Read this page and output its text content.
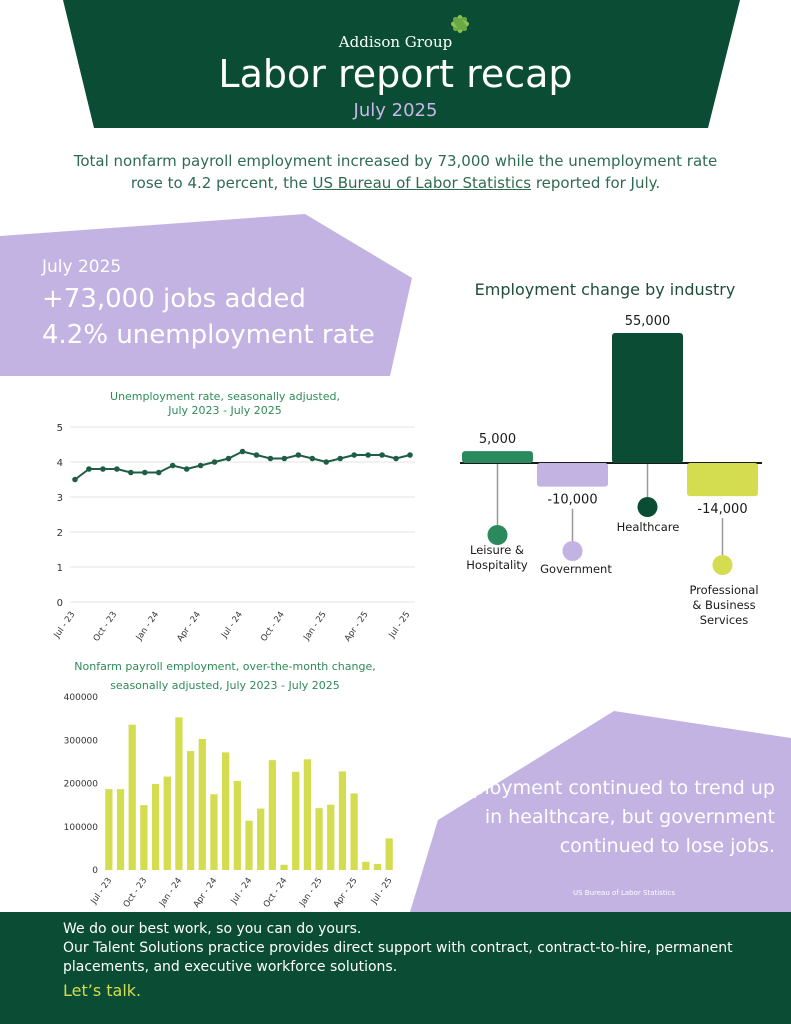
Addison Group
Labor report recap
July 2025
Total nonfarm payroll employment increased by 73,000 while the unemployment rate rose to 4.2 percent, the US Bureau of Labor Statistics reported for July.
July 2025
+73,000 jobs added
4.2% unemployment rate
Unemployment rate, seasonally adjusted,
July 2023 - July 2025
0
1
2
3
4
5
Jul - 23 Oct - 23 Jan - 24 Apr - 24 Jul - 24 Oct - 24 Jan - 25 Apr - 25 Jul - 25
Nonfarm payroll employment, over-the-month change,
seasonally adjusted, July 2023 - July 2025
0
100000
200000
300000
400000
Jul - 23 Oct - 23 Jan - 24 Apr - 24 Jul - 24 Oct - 24 Jan - 25 Apr - 25 Jul - 25
Employment change by industry
5,000
-10,000
55,000
-14,000
Leisure &
Hospitality Government
Healthcare
Professional
& Business
Services
Employment continued to trend up in healthcare, but government continued to lose jobs.
US Bureau of Labor Statistics
We do our best work, so you can do yours.
Our Talent Solutions practice provides direct support with contract, contract-to-hire, permanent placements, and executive workforce solutions.
Let’s talk.
